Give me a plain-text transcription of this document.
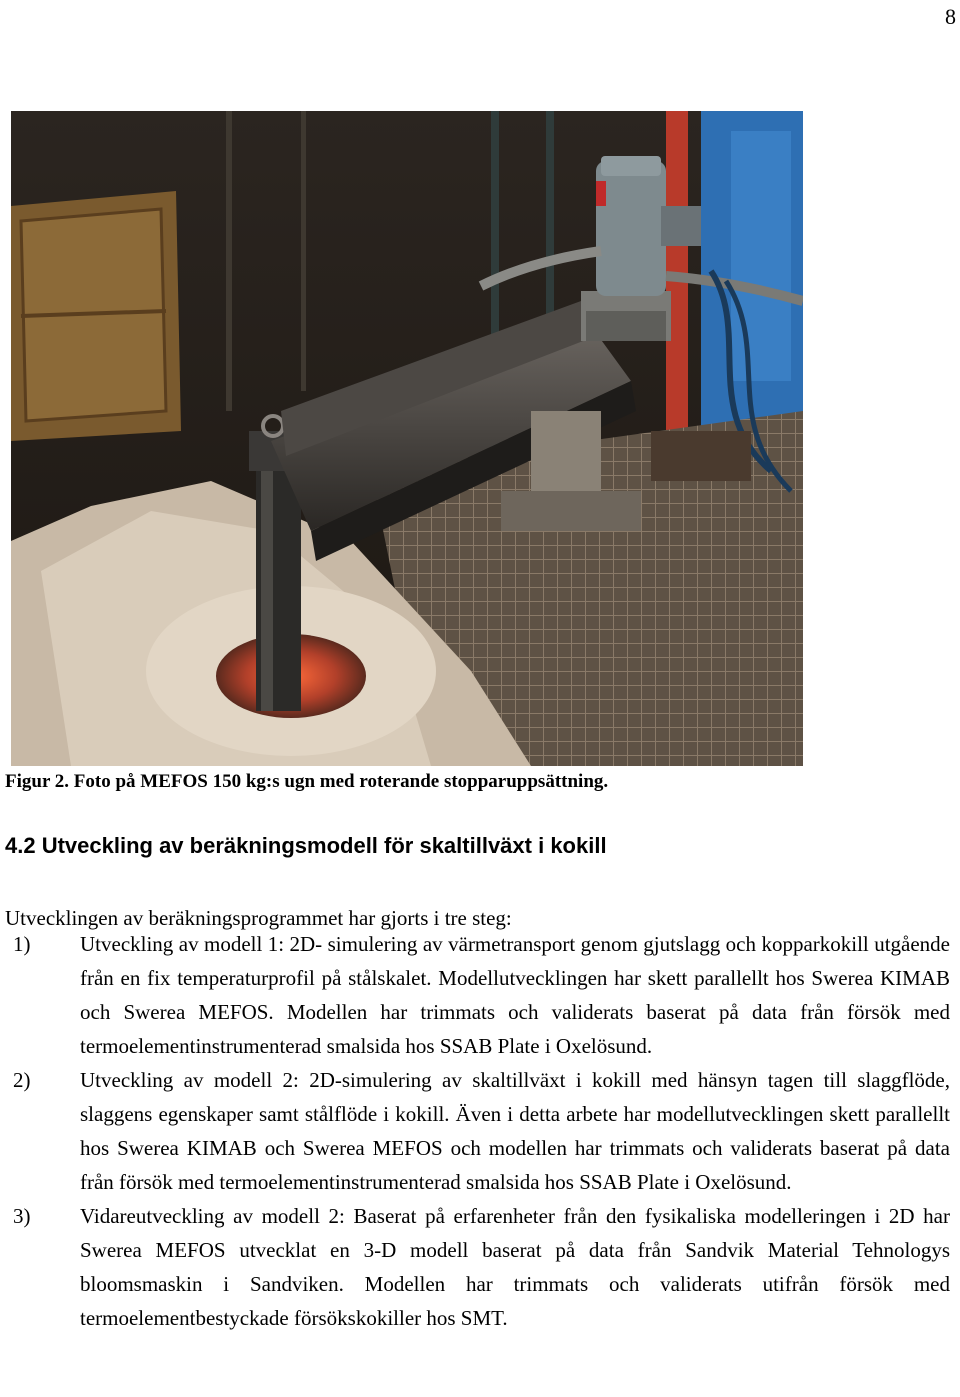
8
Figur 2. Foto på MEFOS 150 kg:s ugn med roterande stopparuppsättning.
4.2 Utveckling av beräkningsmodell för skaltillväxt i kokill
Utvecklingen av beräkningsprogrammet har gjorts i tre steg:
1) Utveckling av modell 1: 2D- simulering av värmetransport genom gjutslagg och kopparkokill utgående från en fix temperaturprofil på stålskalet. Modellutvecklingen har skett parallellt hos Swerea KIMAB och Swerea MEFOS. Modellen har trimmats och validerats baserat på data från försök med termoelementinstrumenterad smalsida hos SSAB Plate i Oxelösund.
2) Utveckling av modell 2: 2D-simulering av skaltillväxt i kokill med hänsyn tagen till slaggflöde, slaggens egenskaper samt stålflöde i kokill. Även i detta arbete har modellutvecklingen skett parallellt hos Swerea KIMAB och Swerea MEFOS och modellen har trimmats och validerats baserat på data från försök med termoelementinstrumenterad smalsida hos SSAB Plate i Oxelösund.
3) Vidareutveckling av modell 2: Baserat på erfarenheter från den fysikaliska modelleringen i 2D har Swerea MEFOS utvecklat en 3-D modell baserat på data från Sandvik Material Tehnologys bloomsmaskin i Sandviken. Modellen har trimmats och validerats utifrån försök med termoelementbestyckade försökskokiller hos SMT.
